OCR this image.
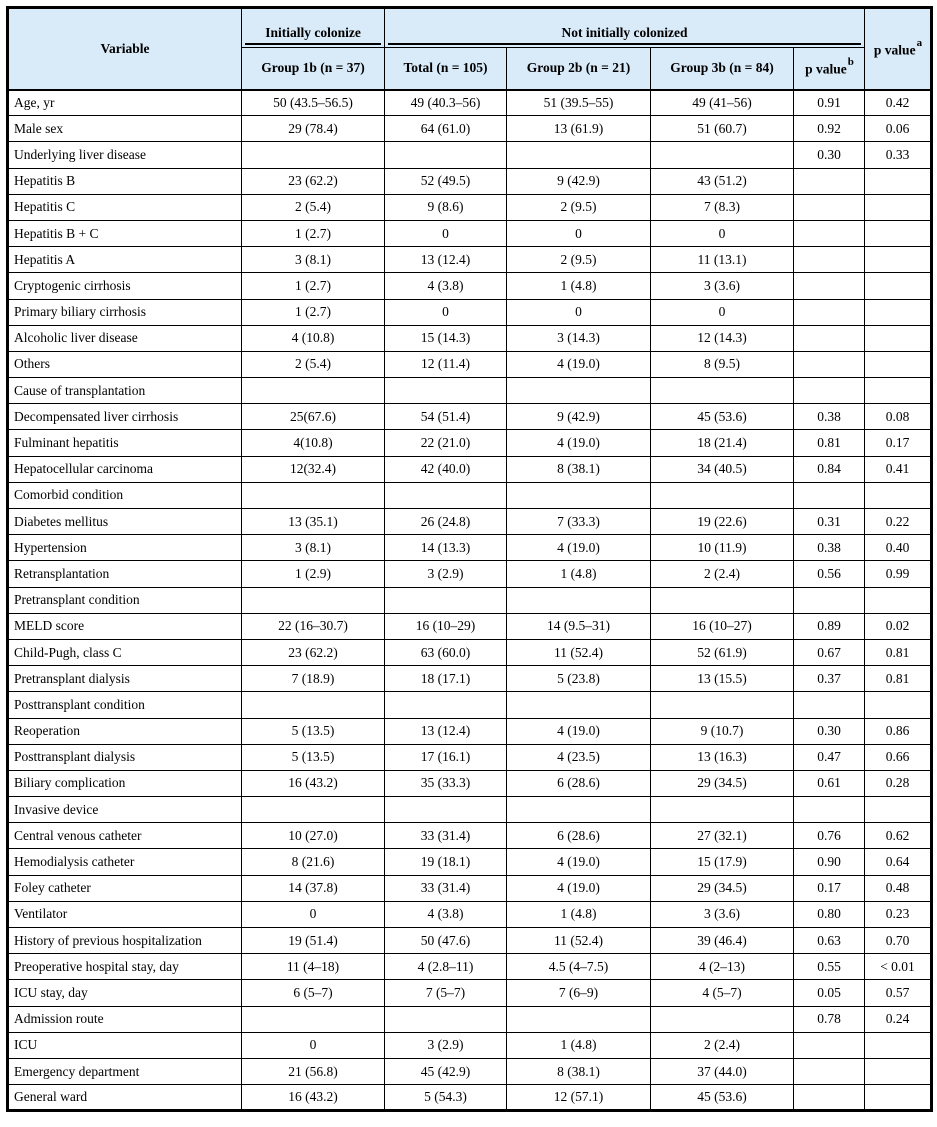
Variable	Initially colonize	Not initially colonized				p value$^a$
	Group 1b (n = 37)	Total (n = 105)	Group 2b (n = 21)	Group 3b (n = 84)	p value$^b$
Age, yr	50 (43.5–56.5)	49 (40.3–56)	51 (39.5–55)	49 (41–56)	0.91	0.42
Male sex	29 (78.4)	64 (61.0)	13 (61.9)	51 (60.7)	0.92	0.06
Underlying liver disease					0.30	0.33
Hepatitis B	23 (62.2)	52 (49.5)	9 (42.9)	43 (51.2)		
Hepatitis C	2 (5.4)	9 (8.6)	2 (9.5)	7 (8.3)		
Hepatitis B + C	1 (2.7)	0	0	0		
Hepatitis A	3 (8.1)	13 (12.4)	2 (9.5)	11 (13.1)		
Cryptogenic cirrhosis	1 (2.7)	4 (3.8)	1 (4.8)	3 (3.6)		
Primary biliary cirrhosis	1 (2.7)	0	0	0		
Alcoholic liver disease	4 (10.8)	15 (14.3)	3 (14.3)	12 (14.3)		
Others	2 (5.4)	12 (11.4)	4 (19.0)	8 (9.5)		
Cause of transplantation						
Decompensated liver cirrhosis	25(67.6)	54 (51.4)	9 (42.9)	45 (53.6)	0.38	0.08
Fulminant hepatitis	4(10.8)	22 (21.0)	4 (19.0)	18 (21.4)	0.81	0.17
Hepatocellular carcinoma	12(32.4)	42 (40.0)	8 (38.1)	34 (40.5)	0.84	0.41
Comorbid condition						
Diabetes mellitus	13 (35.1)	26 (24.8)	7 (33.3)	19 (22.6)	0.31	0.22
Hypertension	3 (8.1)	14 (13.3)	4 (19.0)	10 (11.9)	0.38	0.40
Retransplantation	1 (2.9)	3 (2.9)	1 (4.8)	2 (2.4)	0.56	0.99
Pretransplant condition						
MELD score	22 (16–30.7)	16 (10–29)	14 (9.5–31)	16 (10–27)	0.89	0.02
Child-Pugh, class C	23 (62.2)	63 (60.0)	11 (52.4)	52 (61.9)	0.67	0.81
Pretransplant dialysis	7 (18.9)	18 (17.1)	5 (23.8)	13 (15.5)	0.37	0.81
Posttransplant condition						
Reoperation	5 (13.5)	13 (12.4)	4 (19.0)	9 (10.7)	0.30	0.86
Posttransplant dialysis	5 (13.5)	17 (16.1)	4 (23.5)	13 (16.3)	0.47	0.66
Biliary complication	16 (43.2)	35 (33.3)	6 (28.6)	29 (34.5)	0.61	0.28
Invasive device						
Central venous catheter	10 (27.0)	33 (31.4)	6 (28.6)	27 (32.1)	0.76	0.62
Hemodialysis catheter	8 (21.6)	19 (18.1)	4 (19.0)	15 (17.9)	0.90	0.64
Foley catheter	14 (37.8)	33 (31.4)	4 (19.0)	29 (34.5)	0.17	0.48
Ventilator	0	4 (3.8)	1 (4.8)	3 (3.6)	0.80	0.23
History of previous hospitalization	19 (51.4)	50 (47.6)	11 (52.4)	39 (46.4)	0.63	0.70
Preoperative hospital stay, day	11 (4–18)	4 (2.8–11)	4.5 (4–7.5)	4 (2–13)	0.55	< 0.01
ICU stay, day	6 (5–7)	7 (5–7)	7 (6–9)	4 (5–7)	0.05	0.57
Admission route					0.78	0.24
ICU	0	3 (2.9)	1 (4.8)	2 (2.4)		
Emergency department	21 (56.8)	45 (42.9)	8 (38.1)	37 (44.0)		
General ward	16 (43.2)	5 (54.3)	12 (57.1)	45 (53.6)		
